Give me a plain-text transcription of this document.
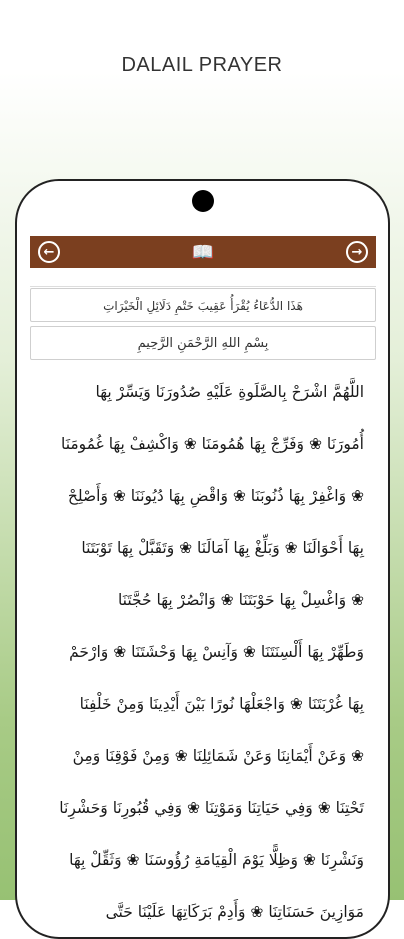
DALAIL PRAYER
←	📖	→
هَذَا الدُّعَاءُ يُقْرَأُ عَقِيبَ خَتْمِ دَلَائِلِ الْخَيْرَاتِ
بِسْمِ اللهِ الرَّحْمَنِ الرَّحِيمِ

اللَّهُمَّ اشْرَحْ بِالصَّلَوةِ عَلَيْهِ صُدُورَنَا وَيَسِّرْ بِهَا

أُمُورَنَا ❀ وَفَرِّجْ بِهَا هُمُومَنَا ❀ وَاكْشِفْ بِهَا غُمُومَنَا

❀ وَاغْفِرْ بِهَا ذُنُوبَنَا ❀ وَاقْضِ بِهَا دُيُونَنَا ❀ وَأَصْلِحْ

بِهَا أَحْوَالَنَا ❀ وَبَلِّغْ بِهَا آمَالَنَا ❀ وَتَقَبَّلْ بِهَا تَوْبَتَنَا

❀ وَاغْسِلْ بِهَا حَوْبَتَنَا ❀ وَانْصُرْ بِهَا حُجَّتَنَا

وَطَهِّرْ بِهَا أَلْسِنَتَنَا ❀ وَآنِسْ بِهَا وَحْشَتَنَا ❀ وَارْحَمْ

بِهَا غُرْبَتَنَا ❀ وَاجْعَلْهَا نُورًا بَيْنَ أَيْدِينَا وَمِنْ خَلْفِنَا

❀ وَعَنْ أَيْمَانِنَا وَعَنْ شَمَائِلِنَا ❀ وَمِنْ فَوْقِنَا وَمِنْ

تَحْتِنَا ❀ وَفِي حَيَاتِنَا وَمَوْتِنَا ❀ وَفِي قُبُورِنَا وَحَشْرِنَا

وَنَشْرِنَا ❀ وَظِلًّا يَوْمَ الْقِيَامَةِ رُؤُوسَنَا ❀ وَثَقِّلْ بِهَا

مَوَازِينَ حَسَنَاتِنَا ❀ وَأَدِمْ بَرَكَاتِهَا عَلَيْنَا حَتَّى
